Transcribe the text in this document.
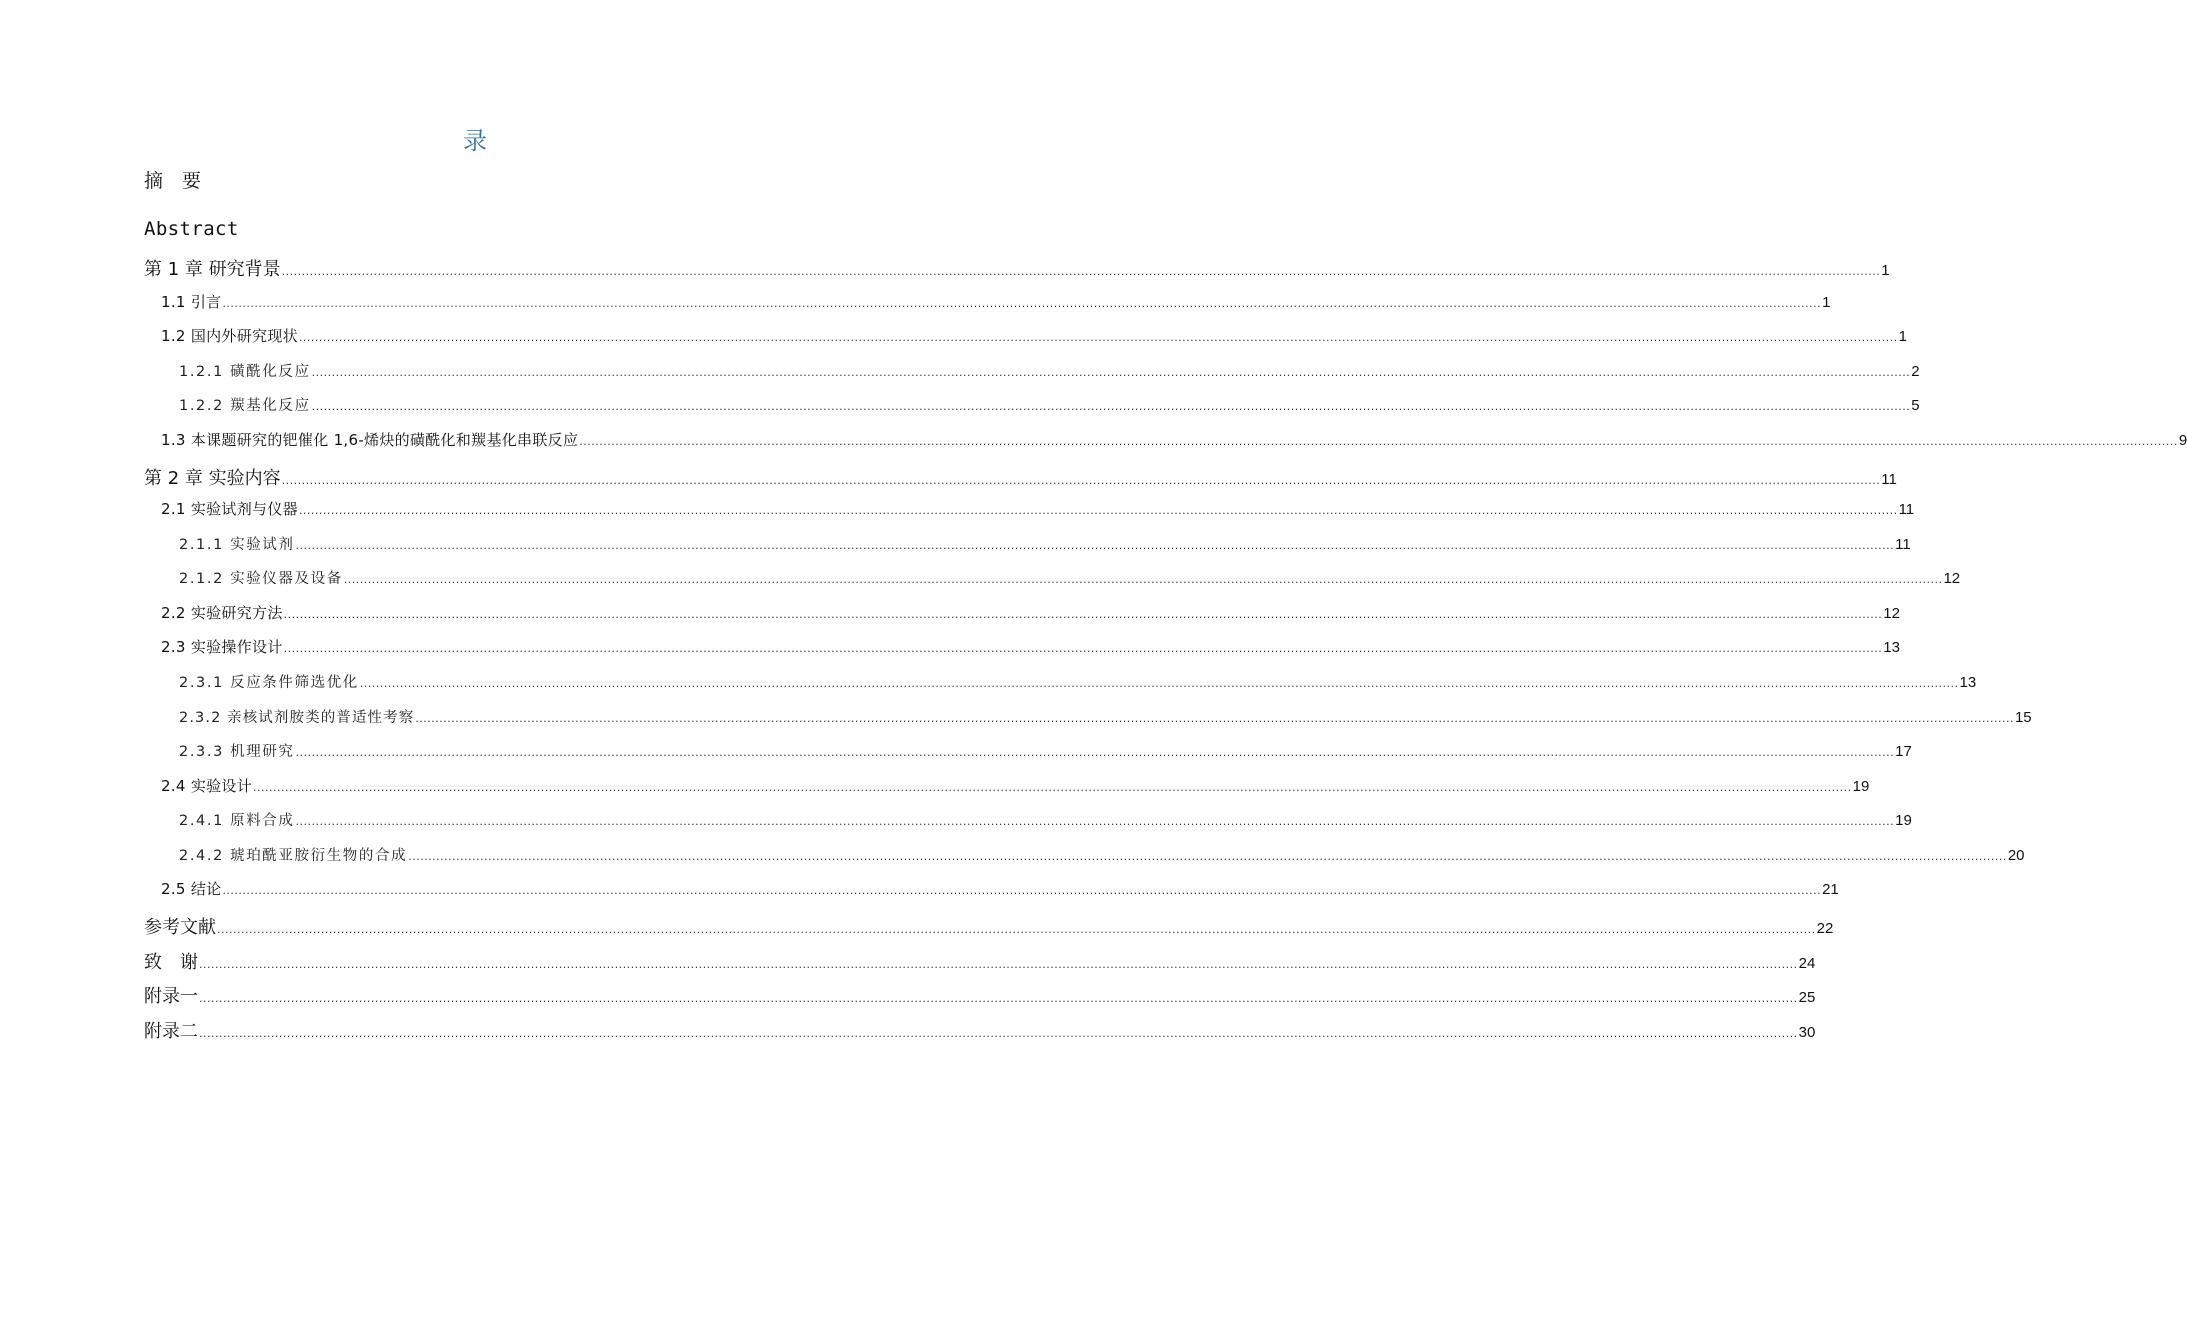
录
摘　要
Abstract
第 1 章 研究背景 ................................................................................................................................................................................................................................................................................................................................................................................................................ 1
1.1 引言 ................................................................................................................................................................................................................................................................................................................................................................................................................ 1
1.2 国内外研究现状 ................................................................................................................................................................................................................................................................................................................................................................................................................ 1
1.2.1 磺酰化反应 ................................................................................................................................................................................................................................................................................................................................................................................................................ 2
1.2.2 羰基化反应 ................................................................................................................................................................................................................................................................................................................................................................................................................ 5
1.3 本课题研究的钯催化 1,6-烯炔的磺酰化和羰基化串联反应 ................................................................................................................................................................................................................................................................................................................................................................................................................ 9
第 2 章 实验内容 ................................................................................................................................................................................................................................................................................................................................................................................................................ 11
2.1 实验试剂与仪器 ................................................................................................................................................................................................................................................................................................................................................................................................................ 11
2.1.1 实验试剂 ................................................................................................................................................................................................................................................................................................................................................................................................................ 11
2.1.2 实验仪器及设备 ................................................................................................................................................................................................................................................................................................................................................................................................................ 12
2.2 实验研究方法 ................................................................................................................................................................................................................................................................................................................................................................................................................ 12
2.3 实验操作设计 ................................................................................................................................................................................................................................................................................................................................................................................................................ 13
2.3.1 反应条件筛选优化 ................................................................................................................................................................................................................................................................................................................................................................................................................ 13
2.3.2 亲核试剂胺类的普适性考察 ................................................................................................................................................................................................................................................................................................................................................................................................................ 15
2.3.3 机理研究 ................................................................................................................................................................................................................................................................................................................................................................................................................ 17
2.4 实验设计 ................................................................................................................................................................................................................................................................................................................................................................................................................ 19
2.4.1 原料合成 ................................................................................................................................................................................................................................................................................................................................................................................................................ 19
2.4.2 琥珀酰亚胺衍生物的合成 ................................................................................................................................................................................................................................................................................................................................................................................................................ 20
2.5 结论 ................................................................................................................................................................................................................................................................................................................................................................................................................ 21
参考文献 ................................................................................................................................................................................................................................................................................................................................................................................................................ 22
致　谢 ................................................................................................................................................................................................................................................................................................................................................................................................................ 24
附录一 ................................................................................................................................................................................................................................................................................................................................................................................................................ 25
附录二 ................................................................................................................................................................................................................................................................................................................................................................................................................ 30
